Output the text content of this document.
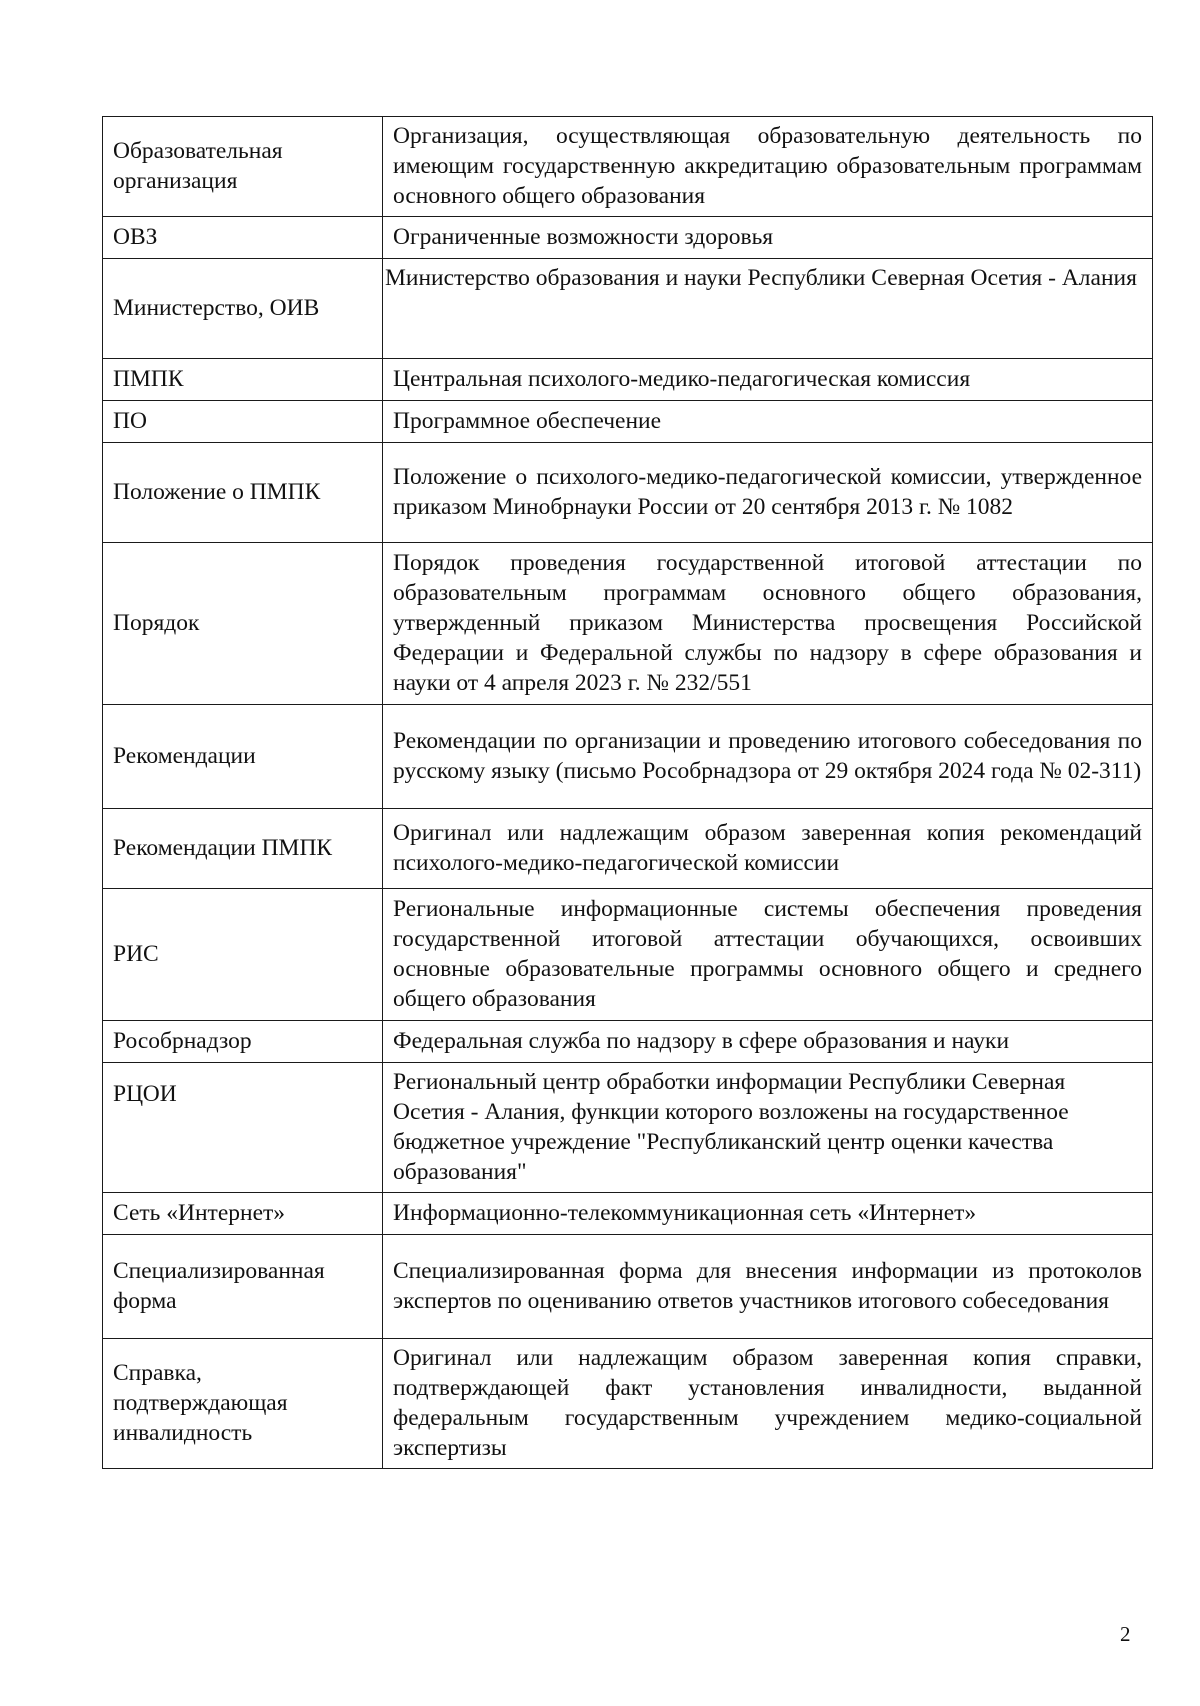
Образовательная организация	Организация, осуществляющая образовательную деятельность по имеющим государственную аккредитацию образовательным программам основного общего образования
ОВЗ	Ограниченные возможности здоровья
Министерство, ОИВ	Министерство образования и науки Республики Северная Осетия - Алания
ПМПК	Центральная психолого-медико-педагогическая комиссия
ПО	Программное обеспечение
Положение о ПМПК	Положение о психолого-медико-педагогической комиссии, утвержденное приказом Минобрнауки России от 20 сентября 2013 г. № 1082
Порядок	Порядок проведения государственной итоговой аттестации по образовательным программам основного общего образования, утвержденный приказом Министерства просвещения Российской Федерации и Федеральной службы по надзору в сфере образования и науки от 4 апреля 2023 г. № 232/551
Рекомендации	Рекомендации по организации и проведению итогового собеседования по русскому языку (письмо Рособрнадзора от 29 октября 2024 года № 02-311)
Рекомендации ПМПК	Оригинал или надлежащим образом заверенная копия рекомендаций психолого-медико-педагогической комиссии
РИС	Региональные информационные системы обеспечения проведения государственной итоговой аттестации обучающихся, освоивших основные образовательные программы основного общего и среднего общего образования
Рособрнадзор	Федеральная служба по надзору в сфере образования и науки
РЦОИ	Региональный центр обработки информации Республики Северная Осетия - Алания, функции которого возложены на государственное бюджетное учреждение "Республиканский центр оценки качества образования"
Сеть «Интернет»	Информационно-телекоммуникационная сеть «Интернет»
Специализированная форма	Специализированная форма для внесения информации из протоколов экспертов по оцениванию ответов участников итогового собеседования
Справка, подтверждающая инвалидность	Оригинал или надлежащим образом заверенная копия справки, подтверждающей факт установления инвалидности, выданной федеральным государственным учреждением медико-социальной экспертизы
2
